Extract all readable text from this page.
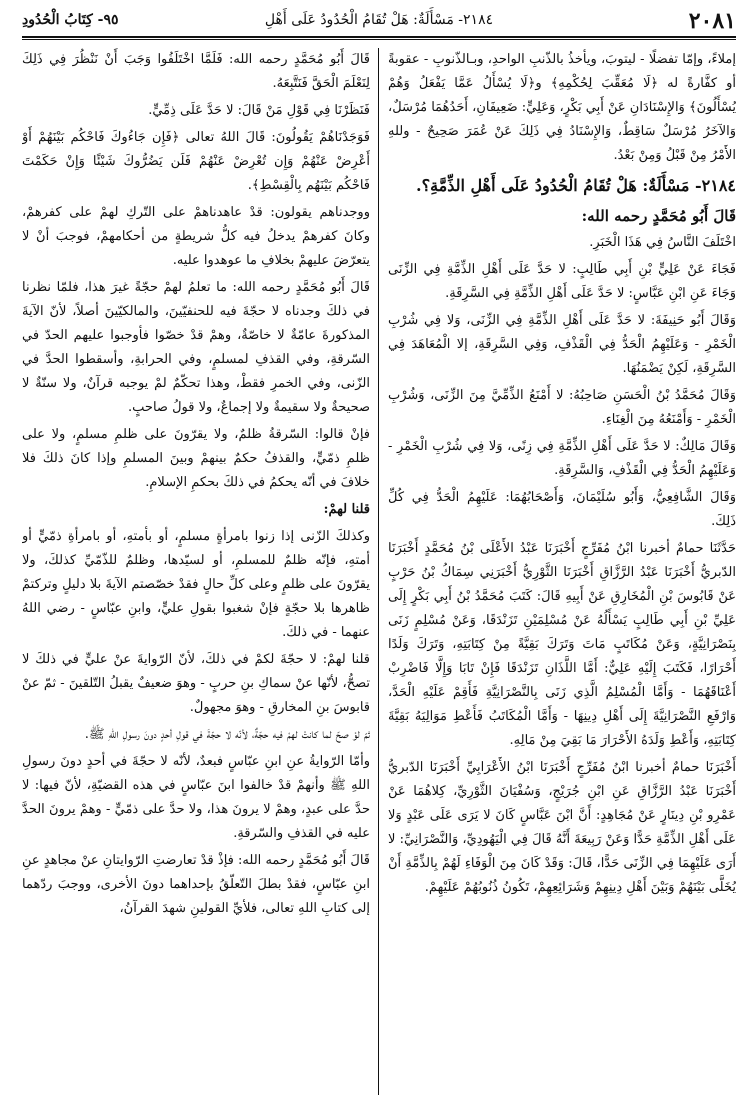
٢٠٨١
٢١٨٤- مَسْأَلَةٌ: هَلْ تُقَامُ الْحُدُودُ عَلَى أَهْلِ
٩٥- كِتَابُ الْحُدُودِ

إملاءً، وإمّا تفضلًا - ليتوبَ، ويأخذُ بالذّنبِ الواحدِ، وبـالذّنوبِ - عقوبةً أو كفَّارةً له ﴿لَا مُعَقِّبَ لِحُكْمِهِ﴾ و﴿لَا يُسْأَلُ عَمَّا يَفْعَلُ وَهُمْ يُسْأَلُونَ﴾ وَالإِسْنَادَانِ عَنْ أَبِي بَكْرٍ، وَعَلِيٍّ: ضَعِيفَانِ، أَحَدُهُمَا مُرْسَلٌ، وَالآخَرُ مُرْسَلٌ سَاقِطٌ، وَالإِسْنَادُ فِي ذَلِكَ عَنْ عُمَرَ صَحِيحٌ - وللهِ الأَمْرُ مِنْ قَبْلُ وَمِنْ بَعْدُ.

٢١٨٤- مَسْأَلَةٌ: هَلْ تُقَامُ الْحُدُودُ عَلَى أَهْلِ الذِّمَّةِ؟.

قَالَ أَبُو مُحَمَّدٍ رحمه الله:

اخْتَلَفَ النَّاسُ فِي هَذَا الْخَبَرِ.

فَجَاءَ عَنْ عَلِيٍّ بْنِ أَبِي طَالِبٍ: لا حَدَّ عَلَى أَهْلِ الذِّمَّةِ فِي الزِّنَى وَجَاءَ عَنِ ابْنِ عَبَّاسٍ: لا حَدَّ عَلَى أَهْلِ الذِّمَّةِ فِي السَّرِقَةِ.

وَقَالَ أَبُو حَنِيفَةَ: لا حَدَّ عَلَى أَهْلِ الذِّمَّةِ فِي الزِّنَى، وَلا فِي شُرْبِ الْخَمْرِ - وَعَلَيْهِمُ الْحَدُّ فِي الْقَذْفِ، وَفِي السَّرِقَةِ، إلا الْمُعَاهَدَ فِي السَّرِقَةِ، لَكِنْ يَضْمَنُهَا.

وَقَالَ مُحَمَّدُ بْنُ الْحَسَنِ صَاحِبُهُ: لا أَمْنَعُ الذِّمِّيَّ مِنَ الزِّنَى، وَشُرْبِ الْخَمْرِ - وَأَمْنَعُهُ مِنَ الْغِنَاءِ.

وَقَالَ مَالِكٌ: لا حَدَّ عَلَى أَهْلِ الذِّمَّةِ فِي زِنًى، وَلا فِي شُرْبِ الْخَمْرِ - وَعَلَيْهِمُ الْحَدُّ فِي الْقَذْفِ، وَالسَّرِقَةِ.

وَقَالَ الشَّافِعِيُّ، وَأَبُو سُلَيْمَانَ، وَأَصْحَابُهُمَا: عَلَيْهِمُ الْحَدُّ فِي كُلِّ ذَلِكَ.

حَدَّثَنَا حمامٌ أخبرنا ابْنُ مُفَرِّجٍ أَخْبَرَنَا عَبْدُ الأَعْلَى بْنُ مُحَمَّدٍ أَخْبَرَنَا الدّبريُّ أَخْبَرَنَا عَبْدُ الرَّزَّاقِ أَخْبَرَنَا الثَّوْرِيُّ أَخْبَرَنِي سِمَاكُ بْنُ حَرْبٍ عَنْ قَابُوسَ بْنِ الْمُخَارِقِ عَنْ أَبِيهِ قَالَ: كَتَبَ مُحَمَّدُ بْنُ أَبِي بَكْرٍ إِلَى عَلِيِّ بْنِ أَبِي طَالِبٍ يَسْأَلُهُ عَنْ مُسْلِمَيْنِ تَزَنْدَقَا، وَعَنْ مُسْلِمٍ زَنَى بِنَصْرَانِيَّةٍ، وَعَنْ مُكَاتَبٍ مَاتَ وَتَرَكَ بَقِيَّةً مِنْ كِتَابَتِهِ، وَتَرَكَ وَلَدًا أَحْرَارًا، فَكَتَبَ إِلَيْهِ عَلِيٌّ: أَمَّا اللَّذَانِ تَزَنْدَقَا فَإِنْ تَابَا وَإِلَّا فَاضْرِبْ أَعْنَاقَهُمَا - وَأَمَّا الْمُسْلِمُ الَّذِي زَنَى بِالنَّصْرَانِيَّةِ فَأَقِمْ عَلَيْهِ الْحَدَّ، وَارْفَعِ النَّصْرَانِيَّةَ إِلَى أَهْلِ دِينِهَا - وَأَمَّا الْمُكَاتَبُ فَأَعْطِ مَوَالِيَهُ بَقِيَّةَ كِتَابَتِهِ، وَأَعْطِ وَلَدَهُ الأَحْرَارَ مَا بَقِيَ مِنْ مَالِهِ.

أَخْبَرَنَا حمامٌ أخبرنا ابْنُ مُفَرِّجٍ أَخْبَرَنَا ابْنُ الأَعْرَابِيِّ أَخْبَرَنَا الدّبريُّ أَخْبَرَنَا عَبْدُ الرَّزَّاقِ عَنِ ابْنِ جُرَيْجٍ، وَسُفْيَانَ الثَّوْرِيِّ، كِلاهُمَا عَنْ عَمْرِو بْنِ دِينَارٍ عَنْ مُجَاهِدٍ: أَنَّ ابْنَ عَبَّاسٍ كَانَ لا يَرَى عَلَى عَبْدٍ وَلا عَلَى أَهْلِ الذِّمَّةِ حَدًّا وَعَنْ رَبِيعَةَ أَنَّهُ قَالَ فِي الْيَهُودِيِّ، وَالنَّصْرَانِيِّ: لا أَرَى عَلَيْهِمَا فِي الزِّنَى حَدًّا، قَالَ: وَقَدْ كَانَ مِنَ الْوَفَاءِ لَهُمْ بِالذِّمَّةِ أَنْ يُخَلَّى بَيْنَهُمْ وَبَيْنَ أَهْلِ دِينِهِمْ وَشَرَائِعِهِمْ، تَكُونُ ذُنُوبُهُمْ عَلَيْهِمْ.

قَالَ أَبُو مُحَمَّدٍ رحمه الله: فَلَمَّا اخْتَلَفُوا وَجَبَ أَنْ نَنْظُرَ فِي ذَلِكَ لِنَعْلَمَ الْحَقَّ فَنَتَّبِعَهُ.

فَنَظَرْنَا فِي قَوْلِ مَنْ قَالَ: لا حَدَّ عَلَى ذِمِّيٍّ.

فَوَجَدْنَاهُمْ يَقُولُونَ: قَالَ اللهُ تعالى ﴿فَإِن جَاءُوكَ فَاحْكُم بَيْنَهُمْ أَوْ أَعْرِضْ عَنْهُمْ وَإِن تُعْرِضْ عَنْهُمْ فَلَن يَضُرُّوكَ شَيْئًا وَإِنْ حَكَمْتَ فَاحْكُم بَيْنَهُم بِالْقِسْطِ﴾.

ووجدناهم يقولون: قدْ عاهدناهمْ على التّركِ لهمْ على كفرهمْ، وكانَ كفرهمْ يدخلُ فيه كلُّ شريطةٍ من أحكامهمْ، فوجبَ أنْ لا يتعرّضَ عليهمْ بخلافِ ما عوهدوا عليه.

قَالَ أَبُو مُحَمَّدٍ رحمه الله: ما تعلمُ لهمْ حجّةً غيرَ هذا، فلمّا نظرنا في ذلكَ وجدناه لا حجّةَ فيه للحنفيّينَ، والمالكيّينَ أصلاً، لأنّ الآيةَ المذكورةَ عامّةٌ لا خاصّةٌ، وهمْ قدْ خصّوا فأوجبوا عليهم الحدّ في السّرقةِ، وفي القذفِ لمسلمٍ، وفي الحرابةِ، وأسقطوا الحدَّ في الزّنى، وفي الخمرِ فقطْ، وهذا تحكّمٌ لمْ يوجبه قرآنٌ، ولا سنّةٌ لا صحيحةٌ ولا سقيمةٌ ولا إجماعٌ، ولا قولُ صاحبٍ.

فإنْ قالوا: السّرقةُ ظلمٌ، ولا يقرّونَ على ظلمِ مسلمٍ، ولا على ظلمِ ذمّيٍّ، والقذفُ حكمٌ بينهمْ وبينَ المسلمِ وإذا كانَ ذلكَ فلا خلافَ في أنّه يحكمُ في ذلكَ بحكمِ الإسلامِ.

قلنا لهمْ:

وكذلكَ الزّنى إذا زنوا بامرأةٍ مسلمٍ، أو بأمتهِ، أو بامرأةِ ذمّيٍّ أو أمتهِ، فإنّه ظلمٌ للمسلمِ، أو لسيّدها، وظلمٌ للذّمّيِّ كذلكَ، ولا يقرّونَ على ظلمٍ وعلى كلِّ حالٍ فقدْ خصّصتم الآيةَ بلا دليلٍ وتركتمْ ظاهرها بلا حجّةٍ فإنْ شغبوا بقولِ عليٍّ، وابنِ عبّاسٍ - رضي اللهُ عنهما - في ذلكَ.

قلنا لهمْ: لا حجّةَ لكمْ في ذلكَ، لأنّ الرّوايةَ عنْ عليٍّ في ذلكَ لا تصحُّ، لأنّها عنْ سماكِ بنِ حربٍ - وهوَ ضعيفٌ يقبلُ التّلقينَ - ثمّ عنْ قابوسَ بنِ المخارقِ - وهوَ مجهولٌ.

ثمّ لوْ صحّ لما كانتْ لهمْ فيه حجّةٌ، لأنّه لا حجّةَ في قولِ أحدٍ دونَ رسولِ اللهِ ﷺ.

وأمّا الرّوايةُ عنِ ابنِ عبّاسٍ فبعدٌ، لأنّه لا حجّةَ في أحدٍ دونَ رسولِ اللهِ ﷺ وأنهمْ قدْ خالفوا ابنَ عبّاسٍ في هذه القضيّةِ، لأنّ فيها: لا حدَّ على عبدٍ، وهمْ لا يرونَ هذا، ولا حدَّ على ذمّيٍّ - وهمْ يرونَ الحدَّ عليه في القذفِ والسّرقةِ.

قَالَ أَبُو مُحَمَّدٍ رحمه الله: فإذْ قدْ تعارضتِ الرّوايتانِ عنْ مجاهدٍ عنِ ابنِ عبّاسٍ، فقدْ بطلَ التّعلّقُ بإحداهما دونَ الأخرى، ووجبَ ردّهما إلى كتابِ اللهِ تعالى، فلأيِّ القولينِ شهدَ القرآنُ،
